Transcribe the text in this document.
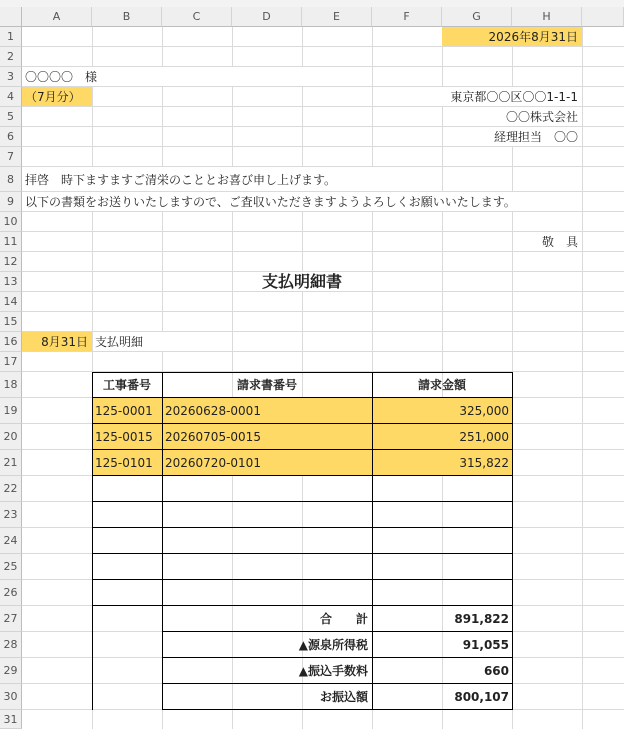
A	B	C	D	E	F	G	H
1
2
3
4
5
6
7
8
9
10
11
12
13
14
15
16
17
18
19
20
21
22
23
24
25
26
27
28
29
30
31
2026年8月31日
〇〇〇〇　様
（7月分）	東京都〇〇区〇〇1-1-1
〇〇株式会社
経理担当　〇〇
拝啓　時下ますますご清栄のこととお喜び申し上げます。
以下の書類をお送りいたしますので、ご査収いただきますようよろしくお願いいたします。
敬　具
支払明細書
8月31日 支払明細
工事番号	請求書番号	請求金額
125-0001 20260628-0001	325,000
125-0015 20260705-0015	251,000
125-0101 20260720-0101	315,822
合　　計	891,822
▲源泉所得税	91,055
▲振込手数料	660
お振込額	800,107
